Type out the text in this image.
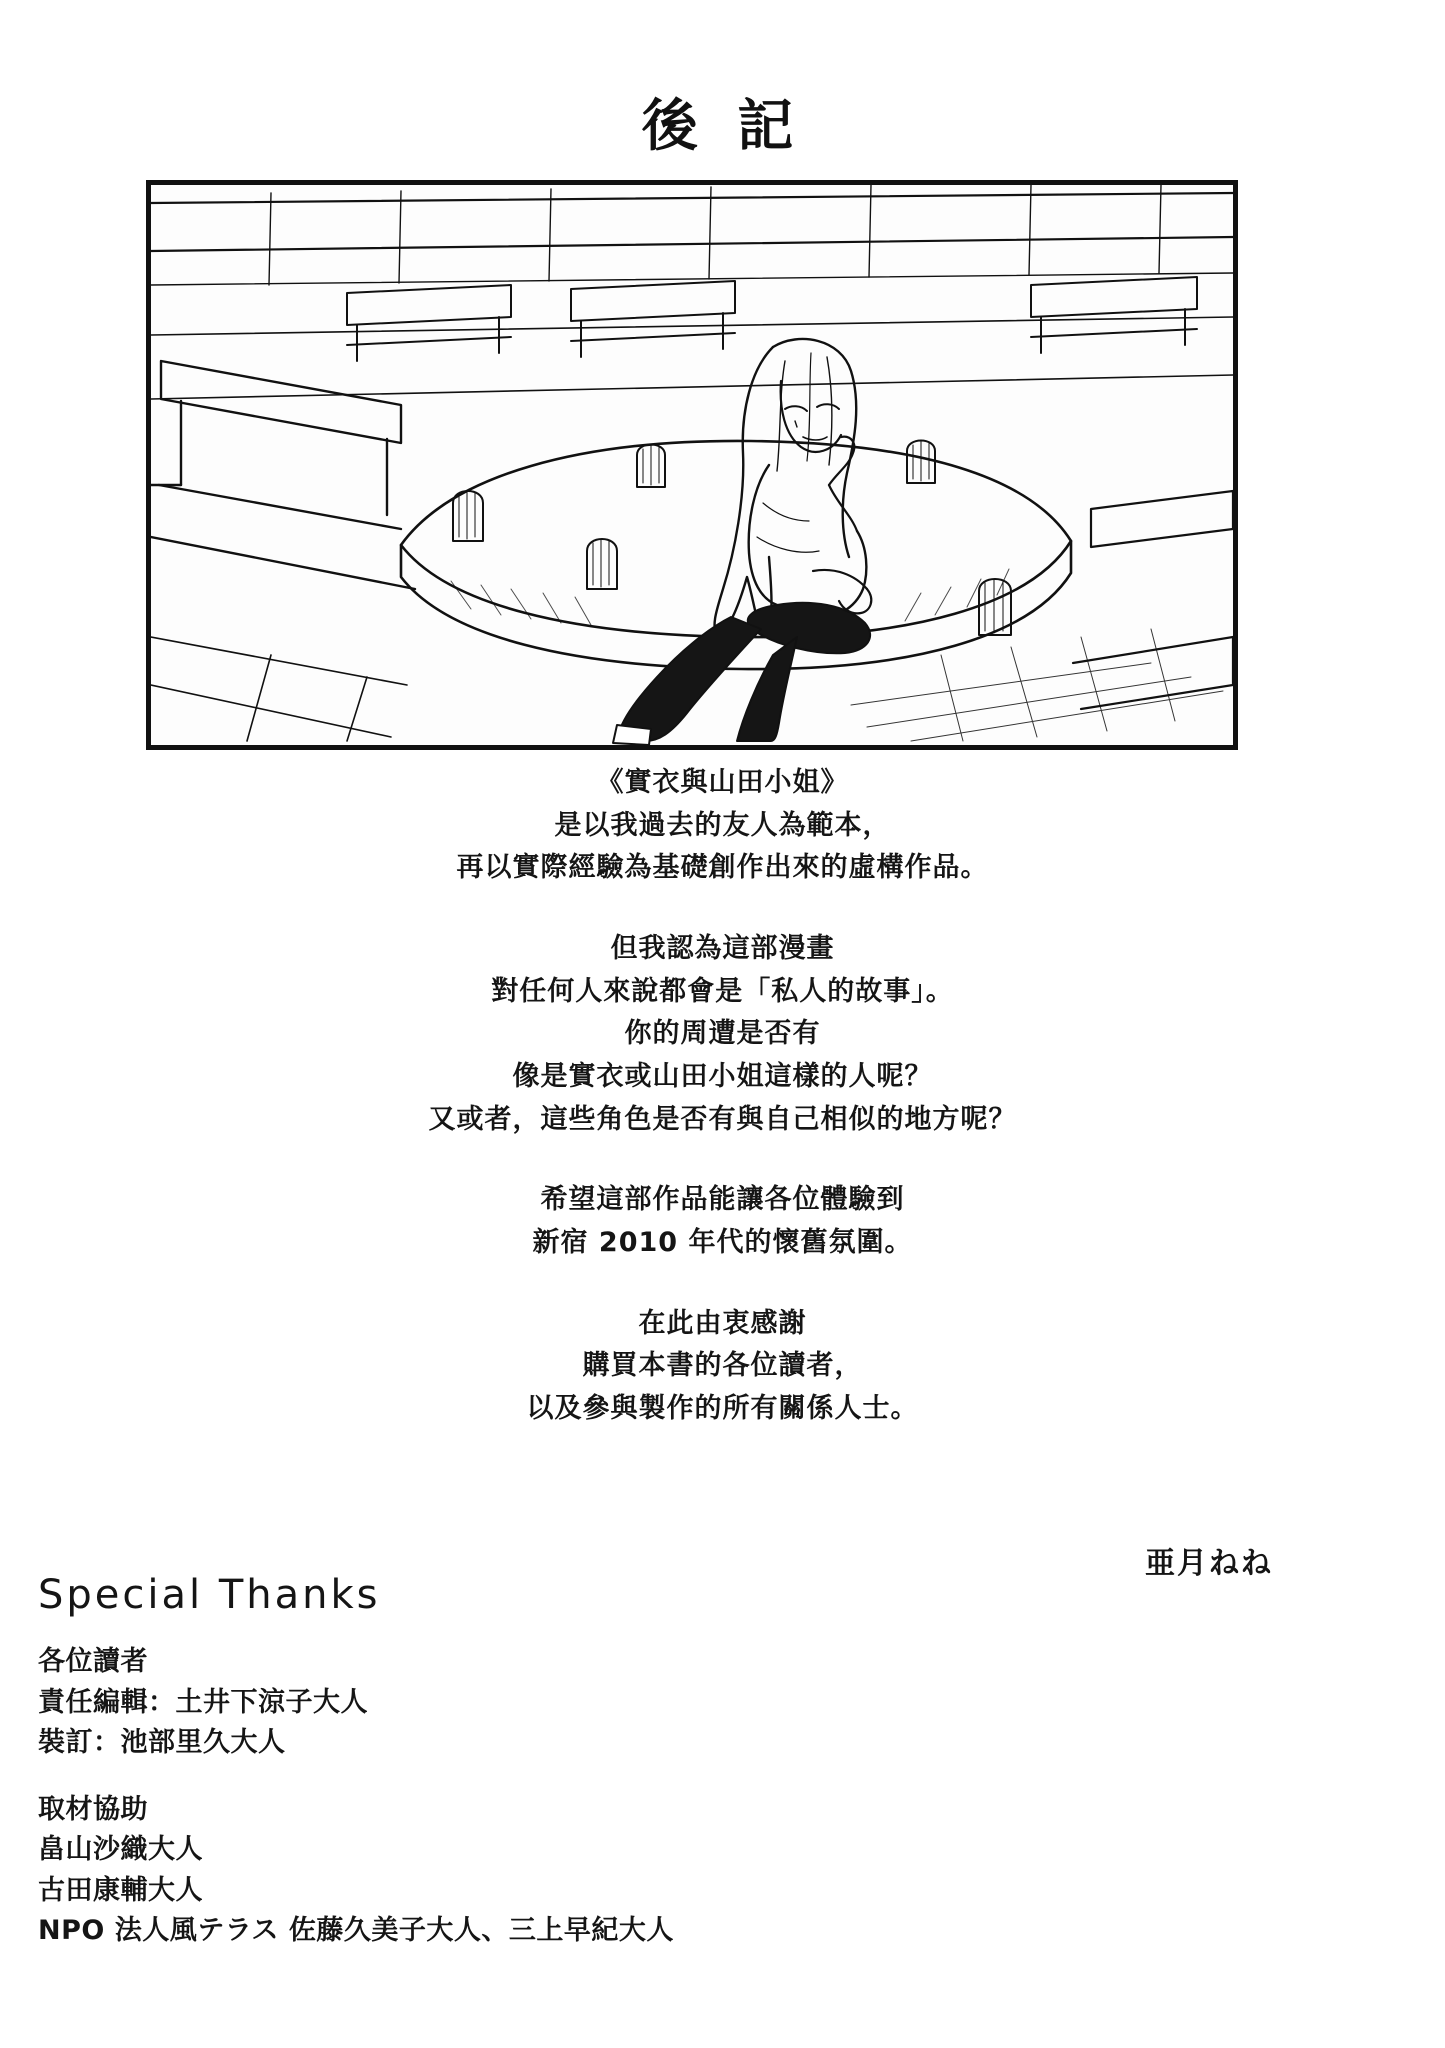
後 記

《實衣與山田小姐》

是以我過去的友人為範本，

再以實際經驗為基礎創作出來的虛構作品。

但我認為這部漫畫

對任何人來說都會是「私人的故事」。

你的周遭是否有

像是實衣或山田小姐這樣的人呢？

又或者，這些角色是否有與自己相似的地方呢？

希望這部作品能讓各位體驗到

新宿 2010 年代的懷舊氛圍。

在此由衷感謝

購買本書的各位讀者，

以及參與製作的所有關係人士。

亜月ねね
Special Thanks
各位讀者
責任編輯：土井下涼子大人
裝訂：池部里久大人
取材協助
畠山沙織大人
古田康輔大人
NPO 法人風テラス 佐藤久美子大人、三上早紀大人
